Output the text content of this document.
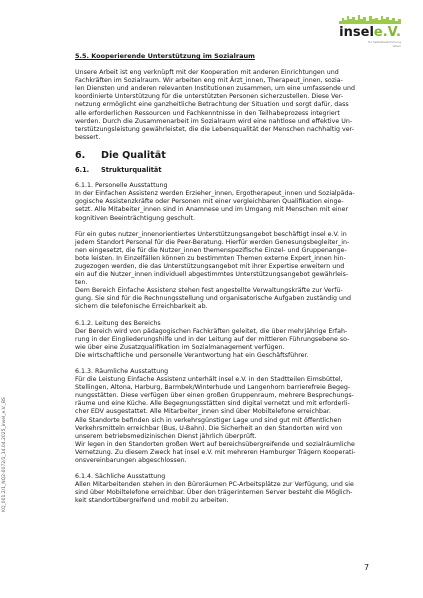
insele.V.
für Selbstbestimmung
leben
5.5. Kooperierende Unterstützung im Sozialraum

Unsere Arbeit ist eng verknüpft mit der Kooperation mit anderen Einrichtungen und
Fachkräften im Sozialraum. Wir arbeiten eng mit Ärzt_innen, Therapeut_innen, sozia-
len Diensten und anderen relevanten Institutionen zusammen, um eine umfassende und
koordinierte Unterstützung für die unterstützten Personen sicherzustellen. Diese Ver-
netzung ermöglicht eine ganzheitliche Betrachtung der Situation und sorgt dafür, dass
alle erforderlichen Ressourcen und Fachkenntnisse in den Teilhabeprozess integriert
werden. Durch die Zusammenarbeit im Sozialraum wird eine nahtlose und effektive Un-
terstützungsleistung gewährleistet, die die Lebensqualität der Menschen nachhaltig ver-
bessert.

6.	Die Qualität
6.1.	Strukturqualität

6.1.1. Personelle Ausstattung

In der Einfachen Assistenz werden Erzieher_innen, Ergotherapeut_innen und Sozialpäda-
gogische Assistenzkräfte oder Personen mit einer vergleichbaren Qualifikation einge-
setzt. Alle Mitabeiter_innen sind in Anamnese und im Umgang mit Menschen mit einer
kognitiven Beeinträchtigung geschult.

Für ein gutes nutzer_innenorientiertes Unterstützungsangebot beschäftigt insel e.V. in
jedem Standort Personal für die Peer-Beratung. Hierfür werden Genesungsbegleiter_in-
nen eingesetzt, die für die Nutzer_innen themenspezifische Einzel- und Gruppenange-
bote leisten. In Einzelfällen können zu bestimmten Themen externe Expert_innen hin-
zugezogen werden, die das Unterstützungsangebot mit ihrer Expertise erweitern und
ein auf die Nutzer_innen individuell abgestimmtes Unterstützungsangebot gewährleis-
ten.
Dem Bereich Einfache Assistenz stehen fest angestellte Verwaltungskräfte zur Verfü-
gung. Sie sind für die Rechnungsstellung und organisatorische Aufgaben zuständig und
sichern die telefonische Erreichbarkeit ab.

6.1.2. Leitung des Bereichs

Der Bereich wird von pädagogischen Fachkräften geleitet, die über mehrjährige Erfah-
rung in der Eingliederungshilfe und in der Leitung auf der mittleren Führungsebene so-
wie über eine Zusatzqualifikation im Sozialmanagement verfügen.
Die wirtschaftliche und personelle Verantwortung hat ein Geschäftsführer.

6.1.3. Räumliche Ausstattung

Für die Leistung Einfache Assistenz unterhält insel e.V. in den Stadtteilen Eimsbüttel,
Stellingen, Altona, Harburg, Barmbek/Winterhude und Langenhorn barrierefreie Begeg-
nungsstätten. Diese verfügen über einen großen Gruppenraum, mehrere Besprechungs-
räume und eine Küche. Alle Begegnungsstätten sind digital vernetzt und mit erforderli-
cher EDV ausgestattet. Alle Mitarbeiter_innen sind über Mobiltelefone erreichbar.
Alle Standorte befinden sich in verkehrsgünstiger Lage und sind gut mit öffentlichen
Verkehrsmitteln erreichbar (Bus, U-Bahn). Die Sicherheit an den Standorten wird von
unserem betriebsmedizinischen Dienst jährlich überprüft.
Wir legen in den Standorten großen Wert auf bereichsübergreifende und sozialräumliche
Vernetzung. Zu diesem Zweck hat insel e.V. mit mehreren Hamburger Trägern Kooperati-
onsvereinbarungen abgeschlossen.

6.1.4. Sächliche Ausstattung

Allen Mitarbeitenden stehen in den Büroräumen PC-Arbeitsplätze zur Verfügung, und sie
sind über Mobiltelefone erreichbar. Über den trägerinternen Server besteht die Möglich-
keit standortübergreifend und mobil zu arbeiten.

KQ_001.2/1_NQ2-0072/1_14.04.2025_insel_e.V._BS
7
